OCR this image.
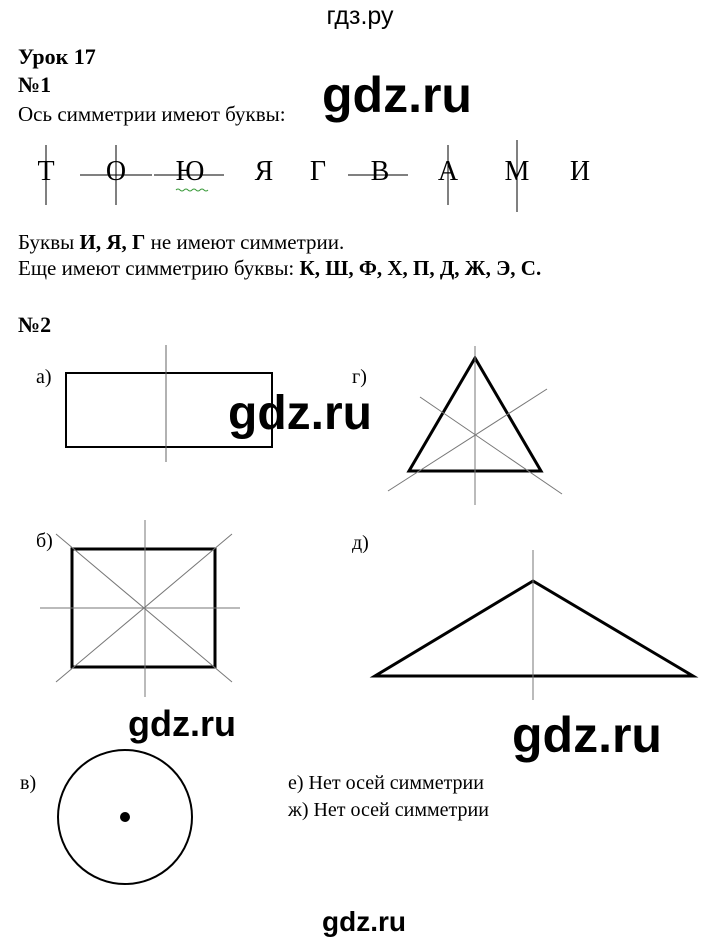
гдз.ру
Урок 17
№1
Ось симметрии имеют буквы: gdz.ru
Т	О	Ю	Я	Г	В	А	М	И
Буквы И, Я, Г не имеют симметрии.
Еще имеют симметрию буквы: К, Ш, Ф, Х, П, Д, Ж, Э, С.
№2
а)	г)
б)	д)
в)	е) Нет осей симметрии
ж) Нет осей симметрии
gdz.ru
gdz.ru	gdz.ru
gdz.ru
